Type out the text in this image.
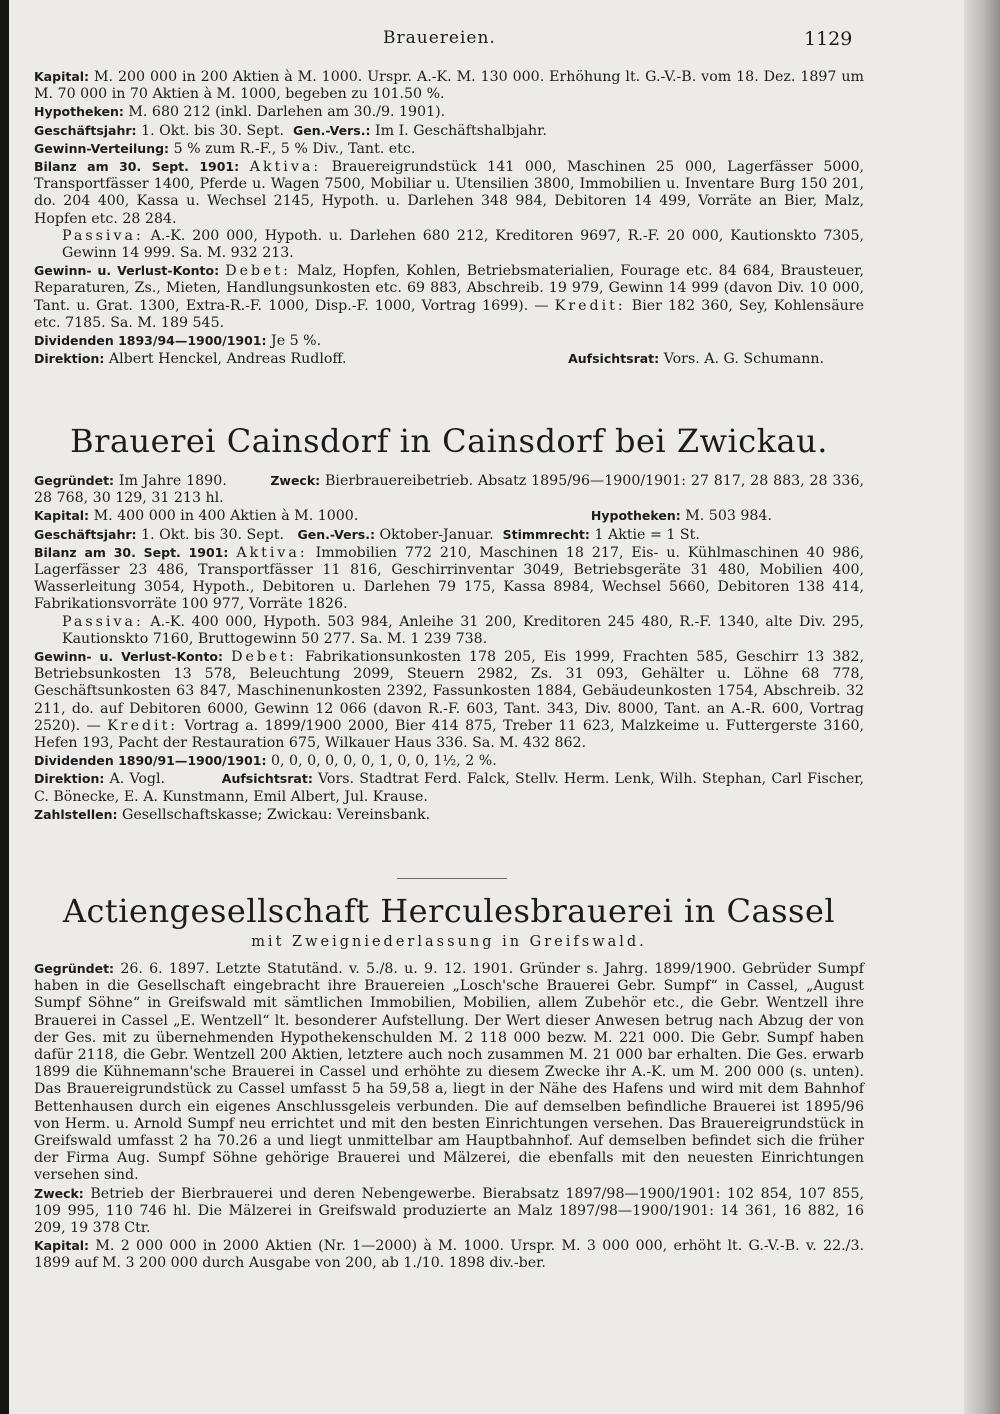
Brauereien.	1129
Kapital: M. 200 000 in 200 Aktien à M. 1000. Urspr. A.-K. M. 130 000. Erhöhung lt. G.-V.-B. vom 18. Dez. 1897 um M. 70 000 in 70 Aktien à M. 1000, begeben zu 101.50 %.
Hypotheken: M. 680 212 (inkl. Darlehen am 30./9. 1901).
Geschäftsjahr: 1. Okt. bis 30. Sept. Gen.-Vers.: Im I. Geschäftshalbjahr.
Gewinn-Verteilung: 5 % zum R.-F., 5 % Div., Tant. etc.
Bilanz am 30. Sept. 1901: Aktiva: Brauereigrundstück 141 000, Maschinen 25 000, Lagerfässer 5000, Transportfässer 1400, Pferde u. Wagen 7500, Mobiliar u. Utensilien 3800, Immobilien u. Inventare Burg 150 201, do. 204 400, Kassa u. Wechsel 2145, Hypoth. u. Darlehen 348 984, Debitoren 14 499, Vorräte an Bier, Malz, Hopfen etc. 28 284.
Passiva: A.-K. 200 000, Hypoth. u. Darlehen 680 212, Kreditoren 9697, R.-F. 20 000, Kautionskto 7305, Gewinn 14 999. Sa. M. 932 213.
Gewinn- u. Verlust-Konto: Debet: Malz, Hopfen, Kohlen, Betriebsmaterialien, Fourage etc. 84 684, Brausteuer, Reparaturen, Zs., Mieten, Handlungsunkosten etc. 69 883, Abschreib. 19 979, Gewinn 14 999 (davon Div. 10 000, Tant. u. Grat. 1300, Extra-R.-F. 1000, Disp.-F. 1000, Vortrag 1699). — Kredit: Bier 182 360, Sey, Kohlensäure etc. 7185. Sa. M. 189 545.
Dividenden 1893/94—1900/1901: Je 5 %.
Direktion: Albert Henckel, Andreas Rudloff.	Aufsichtsrat: Vors. A. G. Schumann.
Brauerei Cainsdorf in Cainsdorf bei Zwickau.
Gegründet: Im Jahre 1890.	Zweck: Bierbrauereibetrieb. Absatz 1895/96—1900/1901: 27 817, 28 883, 28 336, 28 768, 30 129, 31 213 hl.
Kapital: M. 400 000 in 400 Aktien à M. 1000.	Hypotheken: M. 503 984.
Geschäftsjahr: 1. Okt. bis 30. Sept. Gen.-Vers.: Oktober-Januar. Stimmrecht: 1 Aktie = 1 St.
Bilanz am 30. Sept. 1901: Aktiva: Immobilien 772 210, Maschinen 18 217, Eis- u. Kühlmaschinen 40 986, Lagerfässer 23 486, Transportfässer 11 816, Geschirrinventar 3049, Betriebsgeräte 31 480, Mobilien 400, Wasserleitung 3054, Hypoth., Debitoren u. Darlehen 79 175, Kassa 8984, Wechsel 5660, Debitoren 138 414, Fabrikationsvorräte 100 977, Vorräte 1826.
Passiva: A.-K. 400 000, Hypoth. 503 984, Anleihe 31 200, Kreditoren 245 480, R.-F. 1340, alte Div. 295, Kautionskto 7160, Bruttogewinn 50 277. Sa. M. 1 239 738.
Gewinn- u. Verlust-Konto: Debet: Fabrikationsunkosten 178 205, Eis 1999, Frachten 585, Geschirr 13 382, Betriebsunkosten 13 578, Beleuchtung 2099, Steuern 2982, Zs. 31 093, Gehälter u. Löhne 68 778, Geschäftsunkosten 63 847, Maschinenunkosten 2392, Fassunkosten 1884, Gebäudeunkosten 1754, Abschreib. 32 211, do. auf Debitoren 6000, Gewinn 12 066 (davon R.-F. 603, Tant. 343, Div. 8000, Tant. an A.-R. 600, Vortrag 2520). — Kredit: Vortrag a. 1899/1900 2000, Bier 414 875, Treber 11 623, Malzkeime u. Futtergerste 3160, Hefen 193, Pacht der Restauration 675, Wilkauer Haus 336. Sa. M. 432 862.
Dividenden 1890/91—1900/1901: 0, 0, 0, 0, 0, 0, 1, 0, 0, 1½, 2 %.
Direktion: A. Vogl.	Aufsichtsrat: Vors. Stadtrat Ferd. Falck, Stellv. Herm. Lenk, Wilh. Stephan, Carl Fischer, C. Bönecke, E. A. Kunstmann, Emil Albert, Jul. Krause.
Zahlstellen: Gesellschaftskasse; Zwickau: Vereinsbank.
Actiengesellschaft Herculesbrauerei in Cassel
mit Zweigniederlassung in Greifswald.
Gegründet: 26. 6. 1897. Letzte Statutänd. v. 5./8. u. 9. 12. 1901. Gründer s. Jahrg. 1899/1900. Gebrüder Sumpf haben in die Gesellschaft eingebracht ihre Brauereien „Losch'sche Brauerei Gebr. Sumpf“ in Cassel, „August Sumpf Söhne“ in Greifswald mit sämtlichen Immobilien, Mobilien, allem Zubehör etc., die Gebr. Wentzell ihre Brauerei in Cassel „E. Wentzell“ lt. besonderer Aufstellung. Der Wert dieser Anwesen betrug nach Abzug der von der Ges. mit zu übernehmenden Hypothekenschulden M. 2 118 000 bezw. M. 221 000. Die Gebr. Sumpf haben dafür 2118, die Gebr. Wentzell 200 Aktien, letztere auch noch zusammen M. 21 000 bar erhalten. Die Ges. erwarb 1899 die Kühnemann'sche Brauerei in Cassel und erhöhte zu diesem Zwecke ihr A.-K. um M. 200 000 (s. unten). Das Brauereigrundstück zu Cassel umfasst 5 ha 59,58 a, liegt in der Nähe des Hafens und wird mit dem Bahnhof Bettenhausen durch ein eigenes Anschlussgeleis verbunden. Die auf demselben befindliche Brauerei ist 1895/96 von Herm. u. Arnold Sumpf neu errichtet und mit den besten Einrichtungen versehen. Das Brauereigrundstück in Greifswald umfasst 2 ha 70.26 a und liegt unmittelbar am Hauptbahnhof. Auf demselben befindet sich die früher der Firma Aug. Sumpf Söhne gehörige Brauerei und Mälzerei, die ebenfalls mit den neuesten Einrichtungen versehen sind.
Zweck: Betrieb der Bierbrauerei und deren Nebengewerbe. Bierabsatz 1897/98—1900/1901: 102 854, 107 855, 109 995, 110 746 hl. Die Mälzerei in Greifswald produzierte an Malz 1897/98—1900/1901: 14 361, 16 882, 16 209, 19 378 Ctr.
Kapital: M. 2 000 000 in 2000 Aktien (Nr. 1—2000) à M. 1000. Urspr. M. 3 000 000, erhöht lt. G.-V.-B. v. 22./3. 1899 auf M. 3 200 000 durch Ausgabe von 200, ab 1./10. 1898 div.-ber.
